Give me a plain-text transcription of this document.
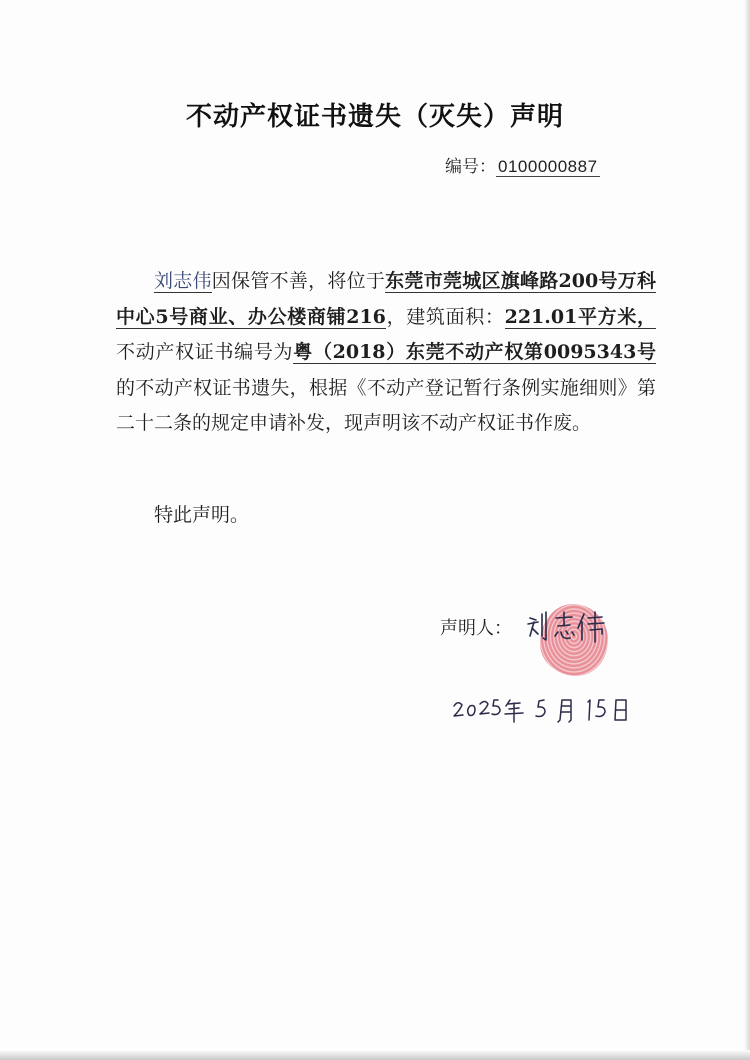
不动产权证书遗失（灭失）声明
编号： 0100000887
刘志伟因保管不善，将位于东莞市莞城区旗峰路200号万科中心5号商业、办公楼商铺216，建筑面积：221.01平方米，不动产权证书编号为粤（2018）东莞不动产权第0095343号的不动产权证书遗失，根据《不动产登记暂行条例实施细则》第二十二条的规定申请补发，现声明该不动产权证书作废。
特此声明。
声明人：
